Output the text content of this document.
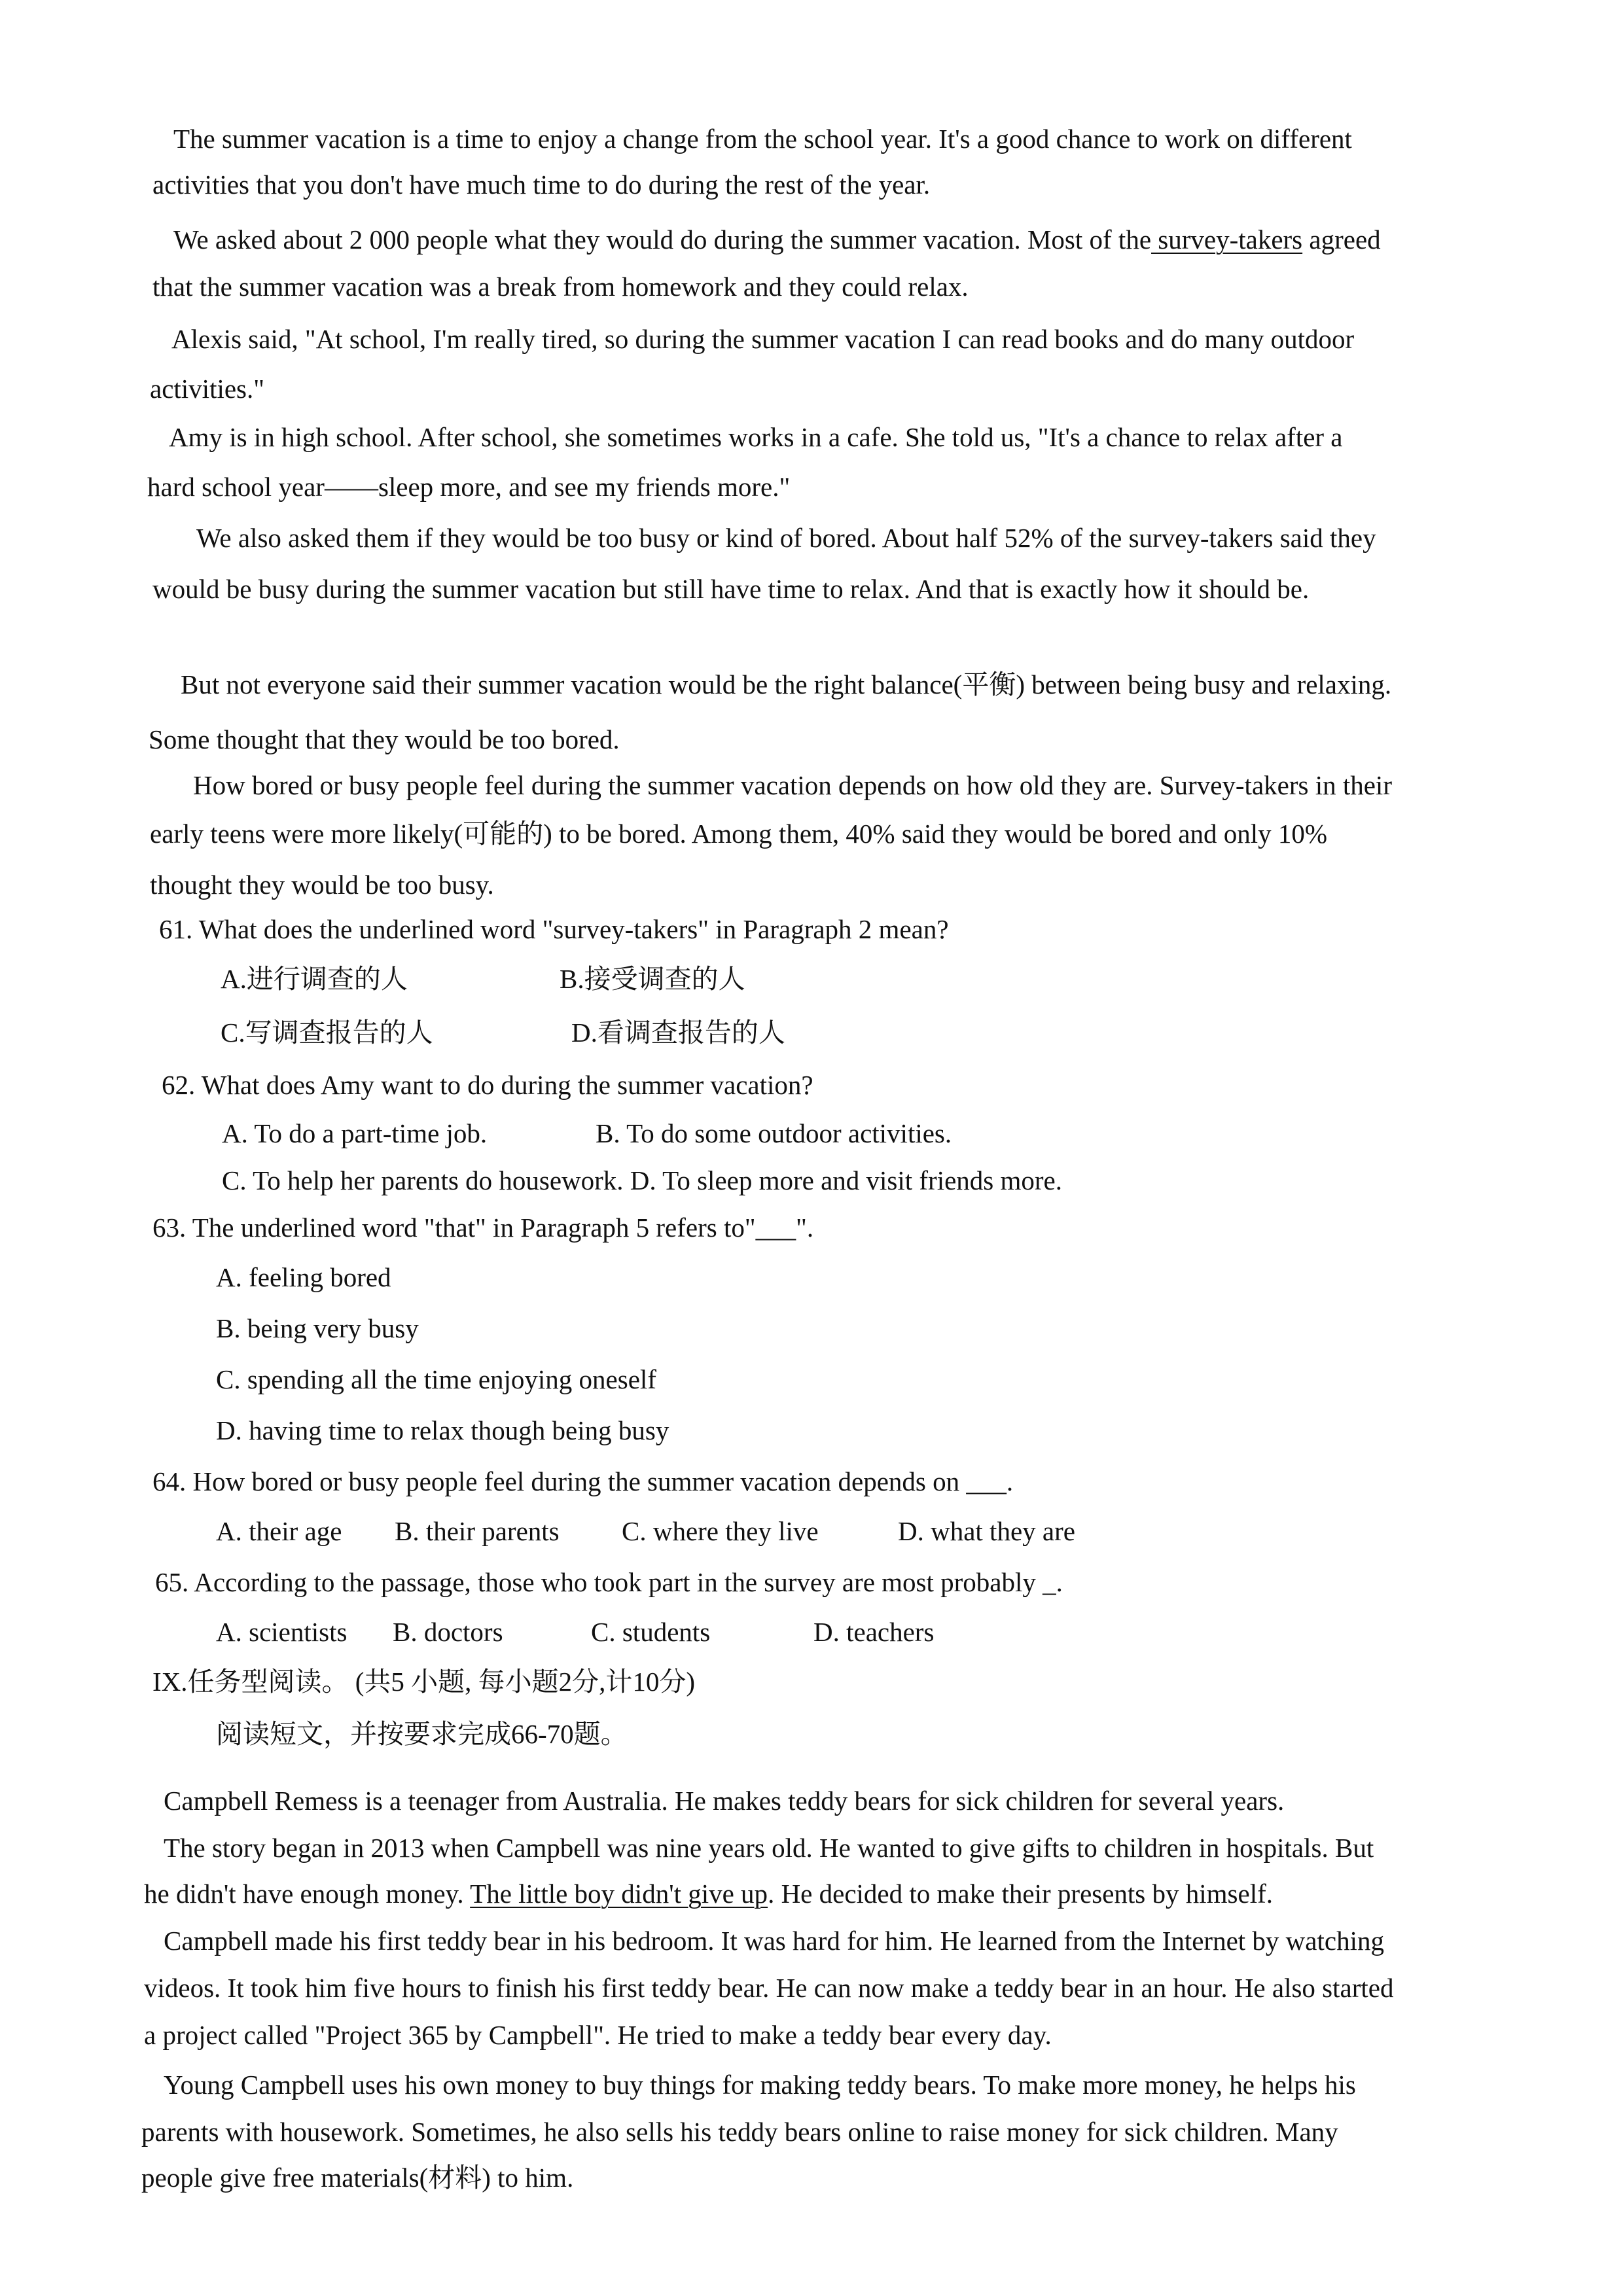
The summer vacation is a time to enjoy a change from the school year. It's a good chance to work on different

activities that you don't have much time to do during the rest of the year.

We asked about 2 000 people what they would do during the summer vacation. Most of the survey-takers agreed

that the summer vacation was a break from homework and they could relax.

Alexis said, "At school, I'm really tired, so during the summer vacation I can read books and do many outdoor

activities."

Amy is in high school. After school, she sometimes works in a cafe. She told us, "It's a chance to relax after a

hard school year——sleep more, and see my friends more."

We also asked them if they would be too busy or kind of bored. About half 52% of the survey-takers said they

would be busy during the summer vacation but still have time to relax. And that is exactly how it should be.

But not everyone said their summer vacation would be the right balance(平衡) between being busy and relaxing.

Some thought that they would be too bored.

How bored or busy people feel during the summer vacation depends on how old they are. Survey-takers in their

early teens were more likely(可能的) to be bored. Among them, 40% said they would be bored and only 10%

thought they would be too busy.

61. What does the underlined word "survey-takers" in Paragraph 2 mean?

A.进行调查的人	B.接受调查的人

C.写调查报告的人	D.看调查报告的人

62. What does Amy want to do during the summer vacation?

A. To do a part-time job.	B. To do some outdoor activities.

C. To help her parents do housework. D. To sleep more and visit friends more.

63. The underlined word "that" in Paragraph 5 refers to"___".

A. feeling bored

B. being very busy

C. spending all the time enjoying oneself

D. having time to relax though being busy

64. How bored or busy people feel during the summer vacation depends on ___.

A. their age B. their parents C. where they live	D. what they are

65. According to the passage, those who took part in the survey are most probably _.

A. scientists B. doctors	C. students	D. teachers

IX.任务型阅读。 (共5 小题, 每小题2分,计10分)

阅读短文，并按要求完成66-70题。

Campbell Remess is a teenager from Australia. He makes teddy bears for sick children for several years.

The story began in 2013 when Campbell was nine years old. He wanted to give gifts to children in hospitals. But

he didn't have enough money. The little boy didn't give up. He decided to make their presents by himself.

Campbell made his first teddy bear in his bedroom. It was hard for him. He learned from the Internet by watching

videos. It took him five hours to finish his first teddy bear. He can now make a teddy bear in an hour. He also started

a project called "Project 365 by Campbell". He tried to make a teddy bear every day.

Young Campbell uses his own money to buy things for making teddy bears. To make more money, he helps his

parents with housework. Sometimes, he also sells his teddy bears online to raise money for sick children. Many

people give free materials(材料) to him.
